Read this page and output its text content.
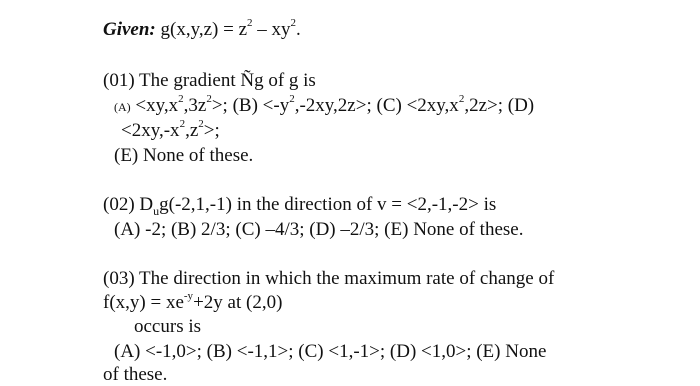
Given: $g(x,y,z) = z^2 - xy^2$.
(01) The gradient Ñg of g is
$(A) <xy,x^2,3z^2>$; $(B) <-y^2,-2xy,2z>$; $(C) <2xy,x^2,2z>$; (D)
$<2xy,-x^2,z^2>$;
(E) None of these.
(02) $D_ug(-2,1,-1)$ in the direction of v = <2,-1,-2> is
(A) -2; (B) 2/3; (C) –4/3; (D) –2/3; (E) None of these.
(03) The direction in which the maximum rate of change of
$f(x,y) = xe^{-y}+2y$ at (2,0)
occurs is
(A) <-1,0>; (B) <-1,1>; (C) <1,-1>; (D) <1,0>; (E) None
of these.
